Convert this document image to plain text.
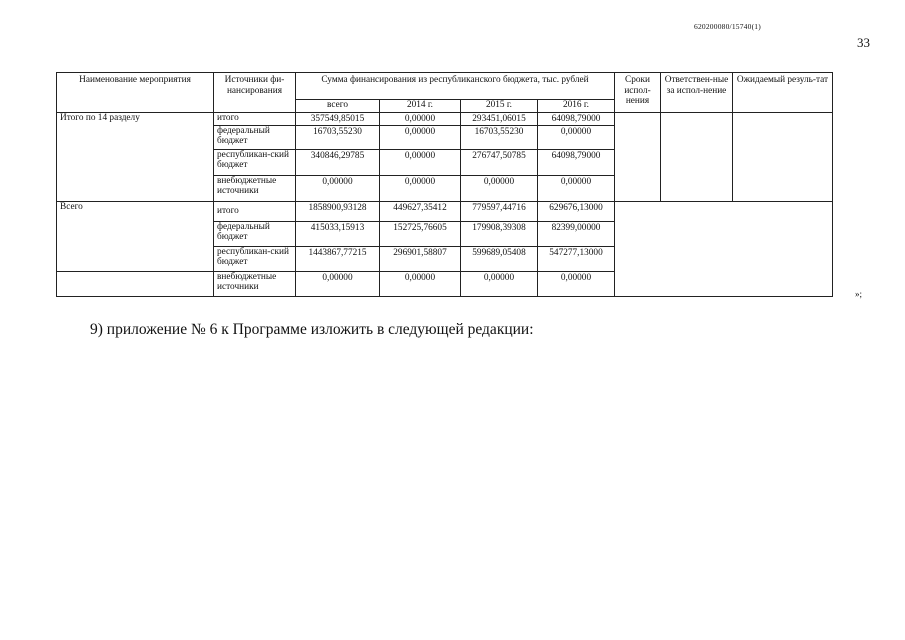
620200080/15740(1)
33
Наименование мероприятия	Источники фи-нансирования	Сумма финансирования из республиканского бюджета, тыс. рублей				Сроки испол-нения	Ответствен-ные за испол-нение	Ожидаемый резуль-тат
		всего	2014 г.	2015 г.	2016 г.			
Итого по 14 разделу	итого	357549,85015	0,00000	293451,06015	64098,79000			
	федеральный бюджет	16703,55230	0,00000	16703,55230	0,00000			
	республикан-ский бюджет	340846,29785	0,00000	276747,50785	64098,79000			
	внебюджетные источники	0,00000	0,00000	0,00000	0,00000			
Всего	итого	1858900,93128	449627,35412	779597,44716	629676,13000			
	федеральный бюджет	415033,15913	152725,76605	179908,39308	82399,00000			
	республикан-ский бюджет	1443867,77215	296901,58807	599689,05408	547277,13000			
	внебюджетные источники	0,00000	0,00000	0,00000	0,00000			
»;
9) приложение № 6 к Программе изложить в следующей редакции:
